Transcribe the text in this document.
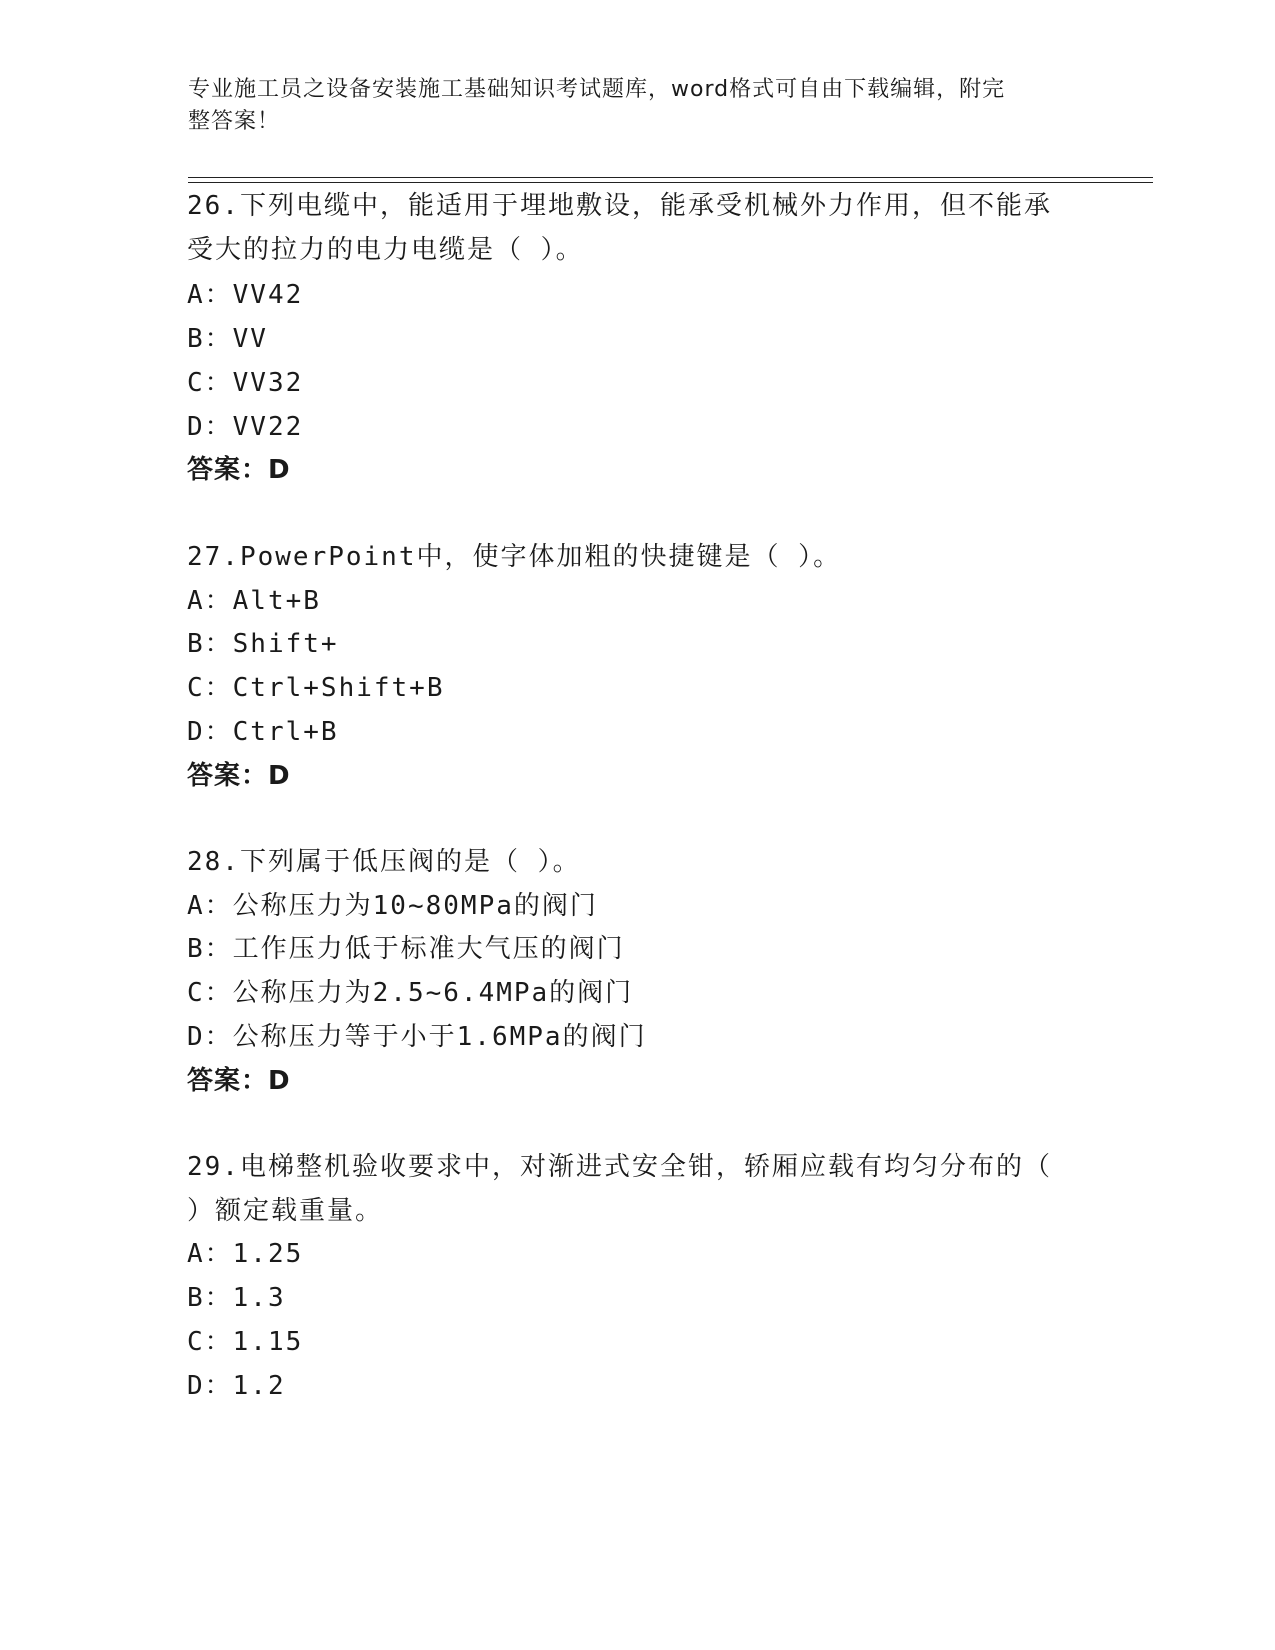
专业施工员之设备安装施工基础知识考试题库，word格式可自由下载编辑，附完
整答案！

26.下列电缆中，能适用于埋地敷设，能承受机械外力作用，但不能承

受大的拉力的电力电缆是（ ）。

A：VV42

B：VV

C：VV32

D：VV22

答案：D

27.PowerPoint中，使字体加粗的快捷键是（ ）。

A：Alt+B

B：Shift+

C：Ctrl+Shift+B

D：Ctrl+B

答案：D

28.下列属于低压阀的是（ ）。

A：公称压力为10~80MPa的阀门

B：工作压力低于标准大气压的阀门

C：公称压力为2.5~6.4MPa的阀门

D：公称压力等于小于1.6MPa的阀门

答案：D

29.电梯整机验收要求中，对渐进式安全钳，轿厢应载有均匀分布的（

）额定载重量。

A：1.25

B：1.3

C：1.15

D：1.2
